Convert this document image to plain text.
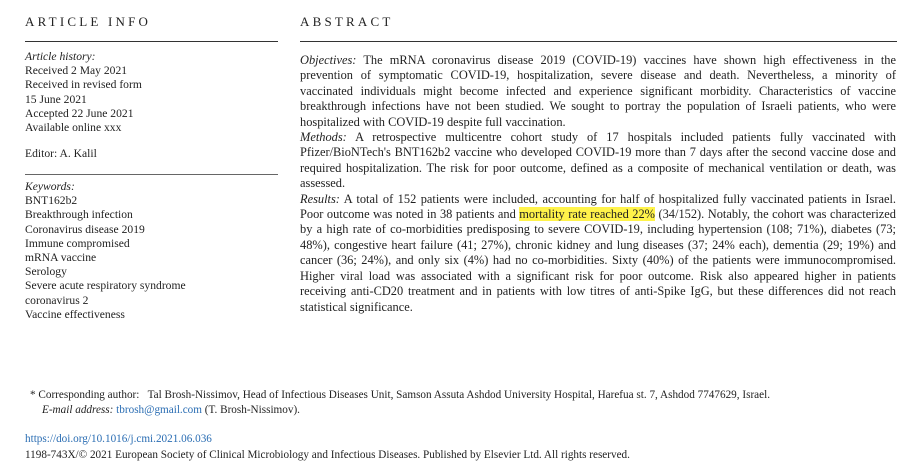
ARTICLE INFO
Article history:
Received 2 May 2021
Received in revised form
15 June 2021
Accepted 22 June 2021
Available online xxx
Editor: A. Kalil
Keywords:
BNT162b2
Breakthrough infection
Coronavirus disease 2019
Immune compromised
mRNA vaccine
Serology
Severe acute respiratory syndrome
coronavirus 2
Vaccine effectiveness
ABSTRACT

Objectives: The mRNA coronavirus disease 2019 (COVID-19) vaccines have shown high effectiveness in the prevention of symptomatic COVID-19, hospitalization, severe disease and death. Nevertheless, a minority of vaccinated individuals might become infected and experience significant morbidity. Characteristics of vaccine breakthrough infections have not been studied. We sought to portray the population of Israeli patients, who were hospitalized with COVID-19 despite full vaccination.

Methods: A retrospective multicentre cohort study of 17 hospitals included patients fully vaccinated with Pfizer/BioNTech's BNT162b2 vaccine who developed COVID-19 more than 7 days after the second vaccine dose and required hospitalization. The risk for poor outcome, defined as a composite of mechanical ventilation or death, was assessed.

Results: A total of 152 patients were included, accounting for half of hospitalized fully vaccinated patients in Israel. Poor outcome was noted in 38 patients and mortality rate reached 22% (34/152). Notably, the cohort was characterized by a high rate of co-morbidities predisposing to severe COVID-19, including hypertension (108; 71%), diabetes (73; 48%), congestive heart failure (41; 27%), chronic kidney and lung diseases (37; 24% each), dementia (29; 19%) and cancer (36; 24%), and only six (4%) had no co-morbidities. Sixty (40%) of the patients were immunocompromised. Higher viral load was associated with a significant risk for poor outcome. Risk also appeared higher in patients receiving anti-CD20 treatment and in patients with low titres of anti-Spike IgG, but these differences did not reach statistical significance.

* Corresponding author: Tal Brosh-Nissimov, Head of Infectious Diseases Unit, Samson Assuta Ashdod University Hospital, Harefua st. 7, Ashdod 7747629, Israel.
E-mail address: tbrosh@gmail.com (T. Brosh-Nissimov).
https://doi.org/10.1016/j.cmi.2021.06.036
1198-743X/© 2021 European Society of Clinical Microbiology and Infectious Diseases. Published by Elsevier Ltd. All rights reserved.
